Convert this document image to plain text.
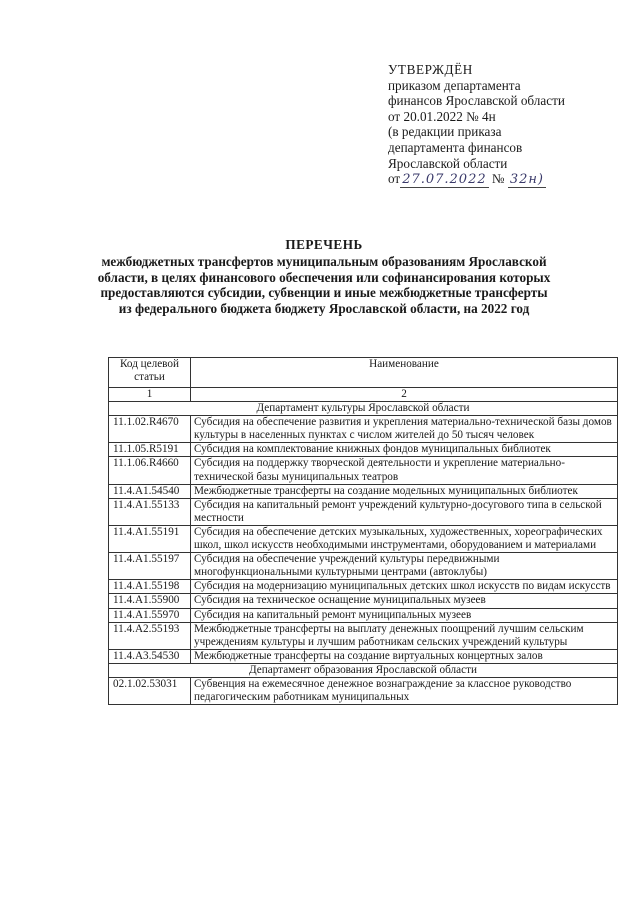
УТВЕРЖДЁН
приказом департамента
финансов Ярославской области
от 20.01.2022 № 4н
(в редакции приказа
департамента финансов
Ярославской области
от 27.07.2022 № 32н)
ПЕРЕЧЕНЬ
межбюджетных трансфертов муниципальным образованиям Ярославской области, в целях финансового обеспечения или софинансирования которых предоставляются субсидии, субвенции и иные межбюджетные трансферты из федерального бюджета бюджету Ярославской области, на 2022 год
Код целевой статьи	Наименование
1	2
Департамент культуры Ярославской области	
11.1.02.R4670	Субсидия на обеспечение развития и укрепления материально-технической базы домов культуры в населенных пунктах с числом жителей до 50 тысяч человек
11.1.05.R5191	Субсидия на комплектование книжных фондов муниципальных библиотек
11.1.06.R4660	Субсидия на поддержку творческой деятельности и укрепление материально-технической базы муниципальных театров
11.4.A1.54540	Межбюджетные трансферты на создание модельных муниципальных библиотек
11.4.A1.55133	Субсидия на капитальный ремонт учреждений культурно-досугового типа в сельской местности
11.4.A1.55191	Субсидия на обеспечение детских музыкальных, художественных, хореографических школ, школ искусств необходимыми инструментами, оборудованием и материалами
11.4.A1.55197	Субсидия на обеспечение учреждений культуры передвижными многофункциональными культурными центрами (автоклубы)
11.4.A1.55198	Субсидия на модернизацию муниципальных детских школ искусств по видам искусств
11.4.A1.55900	Субсидия на техническое оснащение муниципальных музеев
11.4.A1.55970	Субсидия на капитальный ремонт муниципальных музеев
11.4.A2.55193	Межбюджетные трансферты на выплату денежных поощрений лучшим сельским учреждениям культуры и лучшим работникам сельских учреждений культуры
11.4.A3.54530	Межбюджетные трансферты на создание виртуальных концертных залов
Департамент образования Ярославской области	
02.1.02.53031	Субвенция на ежемесячное денежное вознаграждение за классное руководство педагогическим работникам муниципальных
